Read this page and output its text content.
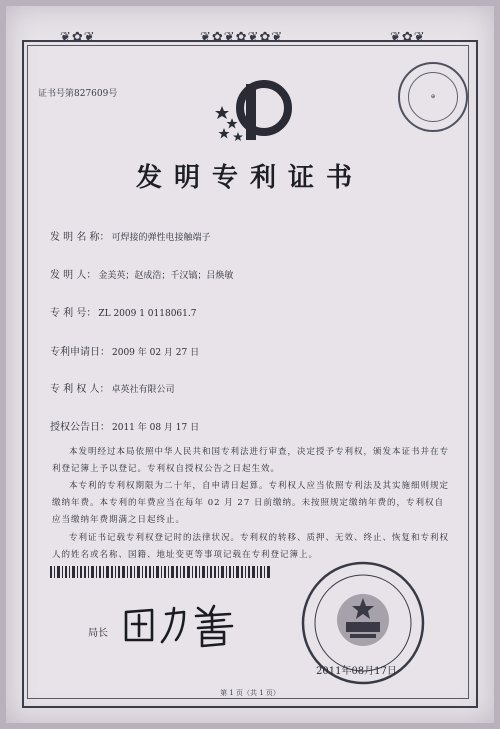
❦✿❦	❦✿❦✿❦✿❦	❦✿❦
证书号第827609号	⊕
发明专利证书
发 明 名 称： 可焊接的弹性电接触端子
发 明 人： 金美英；赵成浩；千汉镐；吕焕敏
专 利 号： ZL 2009 1 0118061.7
专利申请日： 2009 年 02 月 27 日
专 利 权 人： 卓英社有限公司
授权公告日： 2011 年 08 月 17 日
本发明经过本局依照中华人民共和国专利法进行审查，决定授予专利权，颁发本证书并在专利登记簿上予以登记。专利权自授权公告之日起生效。
本专利的专利权期限为二十年，自申请日起算。专利权人应当依照专利法及其实施细则规定缴纳年费。本专利的年费应当在每年 02 月 27 日前缴纳。未按照规定缴纳年费的，专利权自应当缴纳年费期满之日起终止。
专利证书记载专利权登记时的法律状况。专利权的转移、质押、无效、终止、恢复和专利权人的姓名或名称、国籍、地址变更等事项记载在专利登记簿上。
局长
2011年08月17日
第 1 页（共 1 页）
